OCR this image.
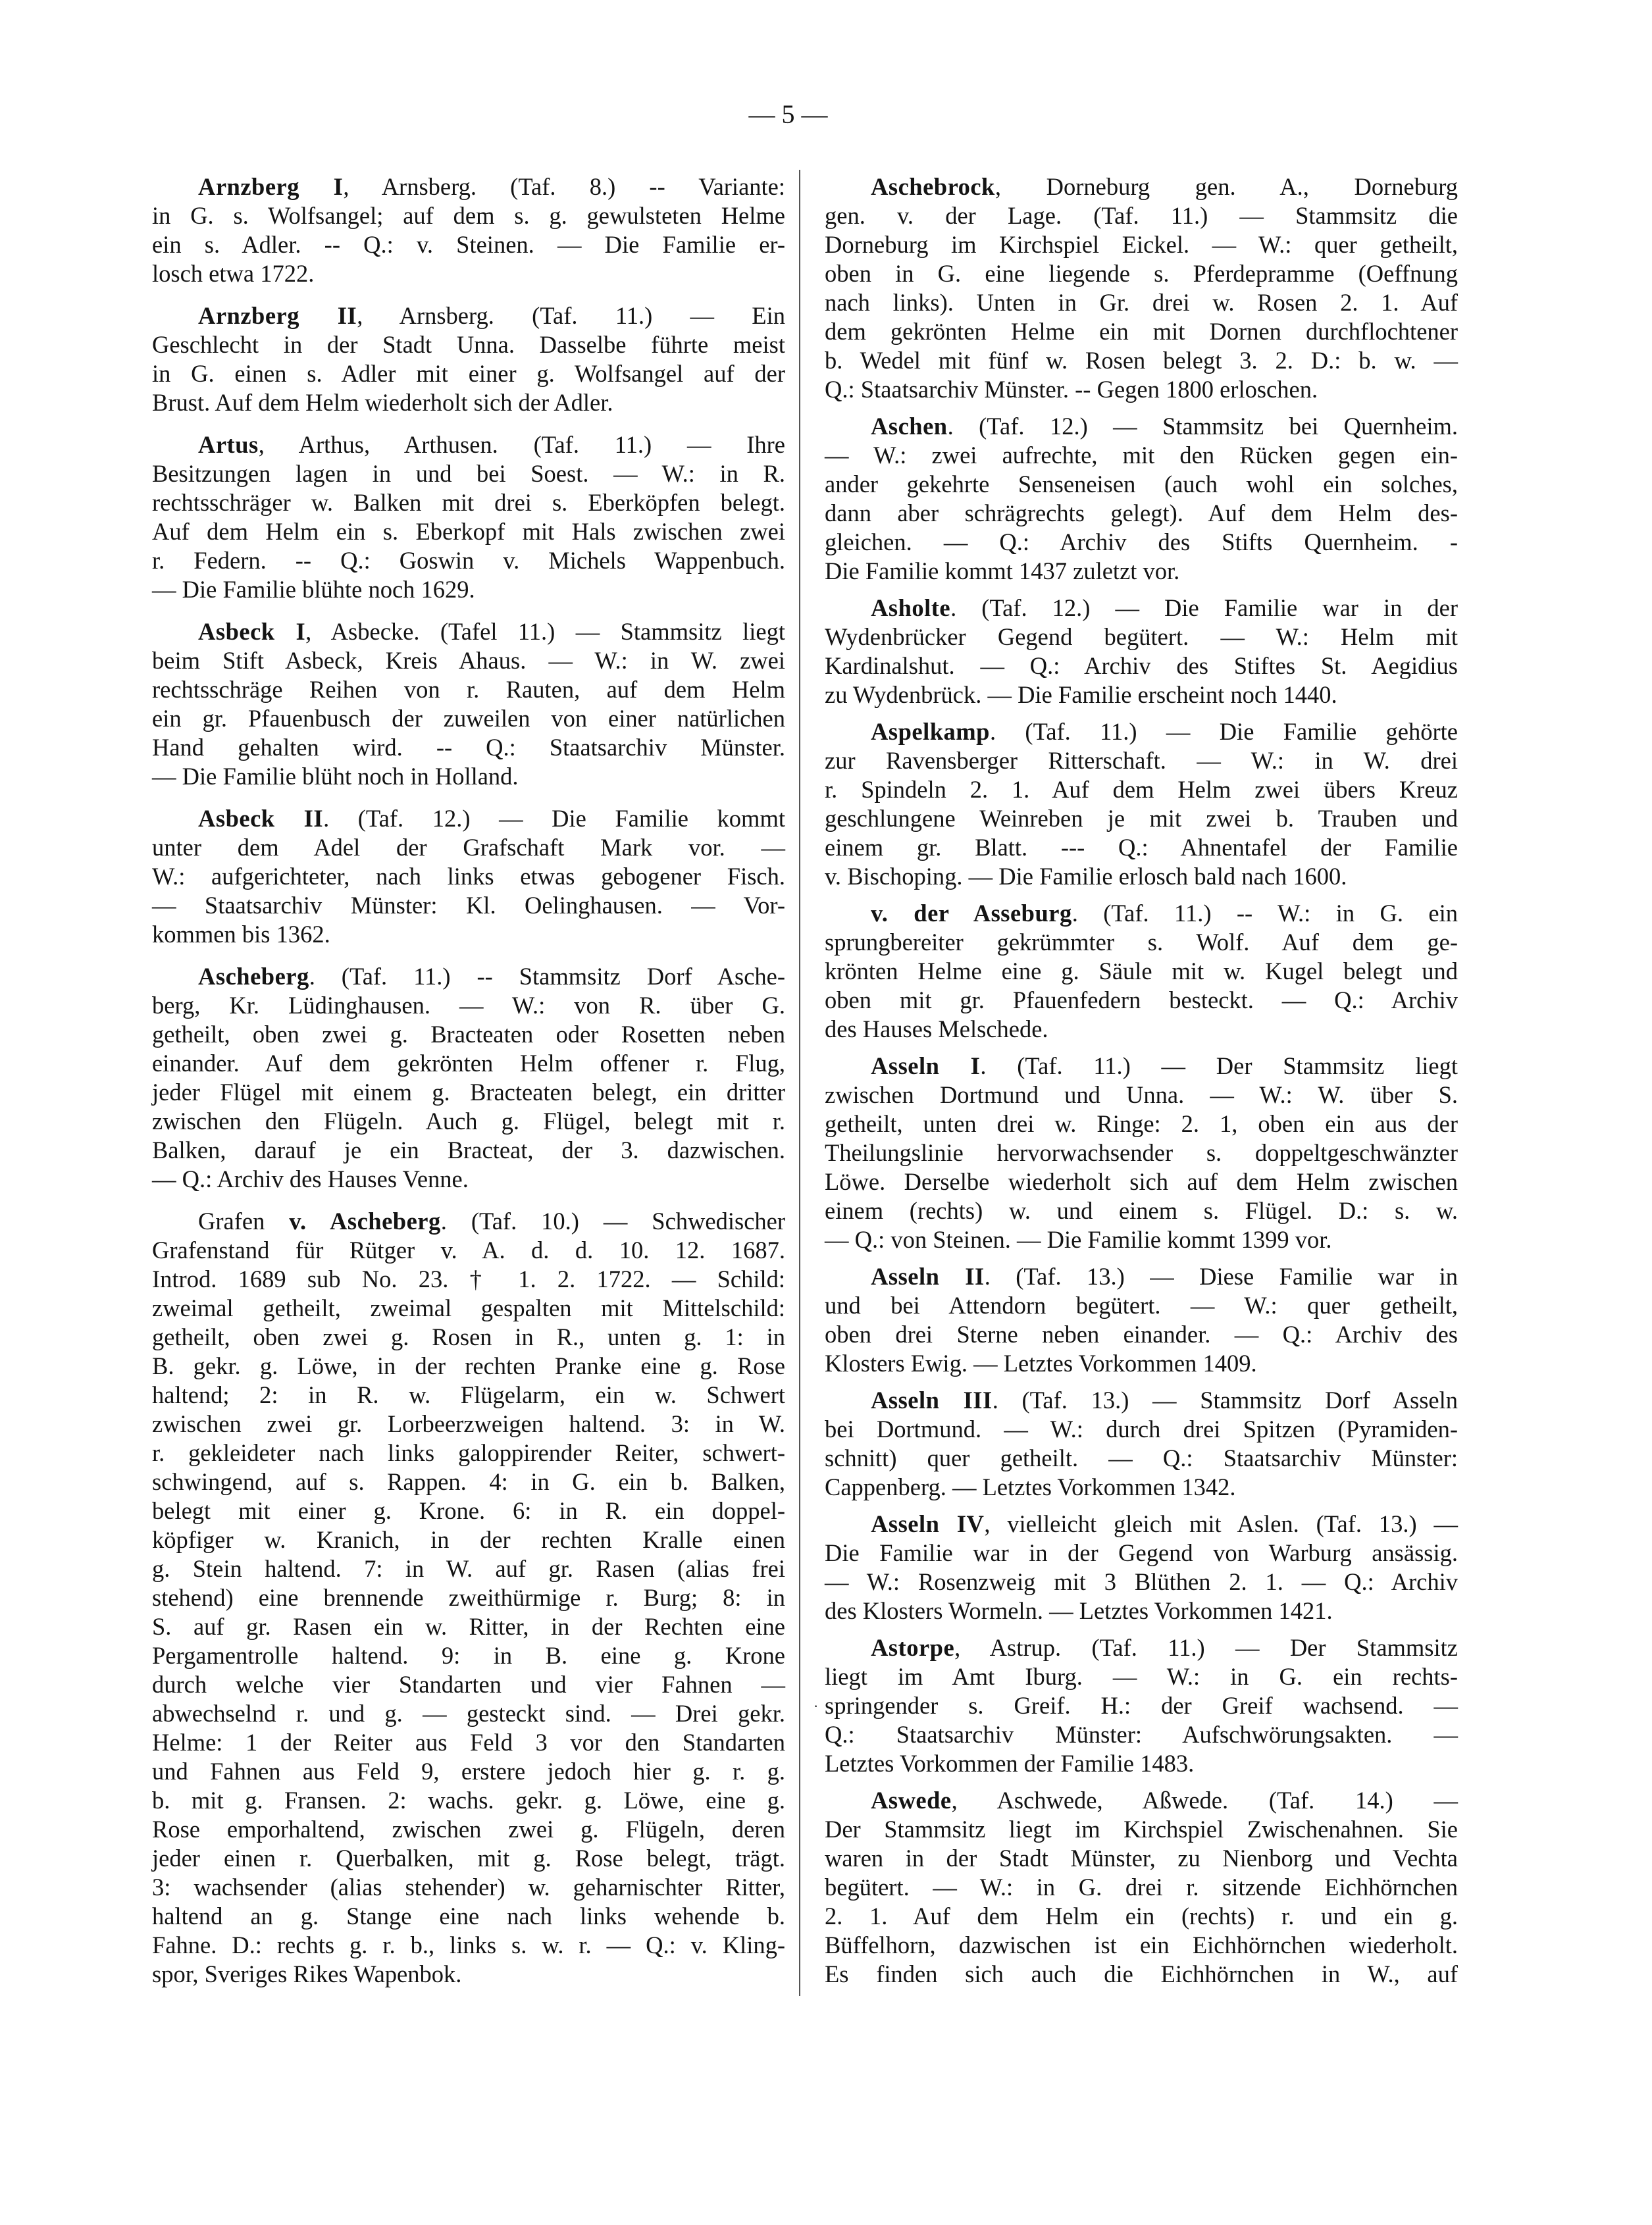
— 5 —
Arnzberg I, Arnsberg. (Taf. 8.) -- Variante:
in G. s. Wolfsangel; auf dem s. g. gewulsteten Helme
ein s. Adler. -- Q.: v. Steinen. — Die Familie er-
losch etwa 1722.
Arnzberg II, Arnsberg. (Taf. 11.) — Ein
Geschlecht in der Stadt Unna. Dasselbe führte meist
in G. einen s. Adler mit einer g. Wolfsangel auf der
Brust. Auf dem Helm wiederholt sich der Adler.
Artus, Arthus, Arthusen. (Taf. 11.) — Ihre
Besitzungen lagen in und bei Soest. — W.: in R.
rechtsschräger w. Balken mit drei s. Eberköpfen belegt.
Auf dem Helm ein s. Eberkopf mit Hals zwischen zwei
r. Federn. -- Q.: Goswin v. Michels Wappenbuch.
— Die Familie blühte noch 1629.
Asbeck I, Asbecke. (Tafel 11.) — Stammsitz liegt
beim Stift Asbeck, Kreis Ahaus. — W.: in W. zwei
rechtsschräge Reihen von r. Rauten, auf dem Helm
ein gr. Pfauenbusch der zuweilen von einer natürlichen
Hand gehalten wird. -- Q.: Staatsarchiv Münster.
— Die Familie blüht noch in Holland.
Asbeck II. (Taf. 12.) — Die Familie kommt
unter dem Adel der Grafschaft Mark vor. —
W.: aufgerichteter, nach links etwas gebogener Fisch.
— Staatsarchiv Münster: Kl. Oelinghausen. — Vor-
kommen bis 1362.
Ascheberg. (Taf. 11.) -- Stammsitz Dorf Asche-
berg, Kr. Lüdinghausen. — W.: von R. über G.
getheilt, oben zwei g. Bracteaten oder Rosetten neben
einander. Auf dem gekrönten Helm offener r. Flug,
jeder Flügel mit einem g. Bracteaten belegt, ein dritter
zwischen den Flügeln. Auch g. Flügel, belegt mit r.
Balken, darauf je ein Bracteat, der 3. dazwischen.
— Q.: Archiv des Hauses Venne.
Grafen v. Ascheberg. (Taf. 10.) — Schwedischer
Grafenstand für Rütger v. A. d. d. 10. 12. 1687.
Introd. 1689 sub No. 23. † 1. 2. 1722. — Schild:
zweimal getheilt, zweimal gespalten mit Mittelschild:
getheilt, oben zwei g. Rosen in R., unten g. 1: in
B. gekr. g. Löwe, in der rechten Pranke eine g. Rose
haltend; 2: in R. w. Flügelarm, ein w. Schwert
zwischen zwei gr. Lorbeerzweigen haltend. 3: in W.
r. gekleideter nach links galoppirender Reiter, schwert-
schwingend, auf s. Rappen. 4: in G. ein b. Balken,
belegt mit einer g. Krone. 6: in R. ein doppel-
köpfiger w. Kranich, in der rechten Kralle einen
g. Stein haltend. 7: in W. auf gr. Rasen (alias frei
stehend) eine brennende zweithürmige r. Burg; 8: in
S. auf gr. Rasen ein w. Ritter, in der Rechten eine
Pergamentrolle haltend. 9: in B. eine g. Krone
durch welche vier Standarten und vier Fahnen —
abwechselnd r. und g. — gesteckt sind. — Drei gekr.
Helme: 1 der Reiter aus Feld 3 vor den Standarten
und Fahnen aus Feld 9, erstere jedoch hier g. r. g.
b. mit g. Fransen. 2: wachs. gekr. g. Löwe, eine g.
Rose emporhaltend, zwischen zwei g. Flügeln, deren
jeder einen r. Querbalken, mit g. Rose belegt, trägt.
3: wachsender (alias stehender) w. geharnischter Ritter,
haltend an g. Stange eine nach links wehende b.
Fahne. D.: rechts g. r. b., links s. w. r. — Q.: v. Kling-
spor, Sveriges Rikes Wapenbok.
Aschebrock, Dorneburg gen. A., Dorneburg
gen. v. der Lage. (Taf. 11.) — Stammsitz die
Dorneburg im Kirchspiel Eickel. — W.: quer getheilt,
oben in G. eine liegende s. Pferdepramme (Oeffnung
nach links). Unten in Gr. drei w. Rosen 2. 1. Auf
dem gekrönten Helme ein mit Dornen durchflochtener
b. Wedel mit fünf w. Rosen belegt 3. 2. D.: b. w. —
Q.: Staatsarchiv Münster. -- Gegen 1800 erloschen.
Aschen. (Taf. 12.) — Stammsitz bei Quernheim.
— W.: zwei aufrechte, mit den Rücken gegen ein-
ander gekehrte Senseneisen (auch wohl ein solches,
dann aber schrägrechts gelegt). Auf dem Helm des-
gleichen. — Q.: Archiv des Stifts Quernheim. -
Die Familie kommt 1437 zuletzt vor.
Asholte. (Taf. 12.) — Die Familie war in der
Wydenbrücker Gegend begütert. — W.: Helm mit
Kardinalshut. — Q.: Archiv des Stiftes St. Aegidius
zu Wydenbrück. — Die Familie erscheint noch 1440.
Aspelkamp. (Taf. 11.) — Die Familie gehörte
zur Ravensberger Ritterschaft. — W.: in W. drei
r. Spindeln 2. 1. Auf dem Helm zwei übers Kreuz
geschlungene Weinreben je mit zwei b. Trauben und
einem gr. Blatt. --- Q.: Ahnentafel der Familie
v. Bischoping. — Die Familie erlosch bald nach 1600.
v. der Asseburg. (Taf. 11.) -- W.: in G. ein
sprungbereiter gekrümmter s. Wolf. Auf dem ge-
krönten Helme eine g. Säule mit w. Kugel belegt und
oben mit gr. Pfauenfedern besteckt. — Q.: Archiv
des Hauses Melschede.
Asseln I. (Taf. 11.) — Der Stammsitz liegt
zwischen Dortmund und Unna. — W.: W. über S.
getheilt, unten drei w. Ringe: 2. 1, oben ein aus der
Theilungslinie hervorwachsender s. doppeltgeschwänzter
Löwe. Derselbe wiederholt sich auf dem Helm zwischen
einem (rechts) w. und einem s. Flügel. D.: s. w.
— Q.: von Steinen. — Die Familie kommt 1399 vor.
Asseln II. (Taf. 13.) — Diese Familie war in
und bei Attendorn begütert. — W.: quer getheilt,
oben drei Sterne neben einander. — Q.: Archiv des
Klosters Ewig. — Letztes Vorkommen 1409.
Asseln III. (Taf. 13.) — Stammsitz Dorf Asseln
bei Dortmund. — W.: durch drei Spitzen (Pyramiden-
schnitt) quer getheilt. — Q.: Staatsarchiv Münster:
Cappenberg. — Letztes Vorkommen 1342.
Asseln IV, vielleicht gleich mit Aslen. (Taf. 13.) —
Die Familie war in der Gegend von Warburg ansässig.
— W.: Rosenzweig mit 3 Blüthen 2. 1. — Q.: Archiv
des Klosters Wormeln. — Letztes Vorkommen 1421.
Astorpe, Astrup. (Taf. 11.) — Der Stammsitz
liegt im Amt Iburg. — W.: in G. ein rechts-
springender s. Greif. H.: der Greif wachsend. —
Q.: Staatsarchiv Münster: Aufschwörungsakten. —
Letztes Vorkommen der Familie 1483.
Aswede, Aschwede, Aßwede. (Taf. 14.) —
Der Stammsitz liegt im Kirchspiel Zwischenahnen. Sie
waren in der Stadt Münster, zu Nienborg und Vechta
begütert. — W.: in G. drei r. sitzende Eichhörnchen
2. 1. Auf dem Helm ein (rechts) r. und ein g.
Büffelhorn, dazwischen ist ein Eichhörnchen wiederholt.
Es finden sich auch die Eichhörnchen in W., auf
·
